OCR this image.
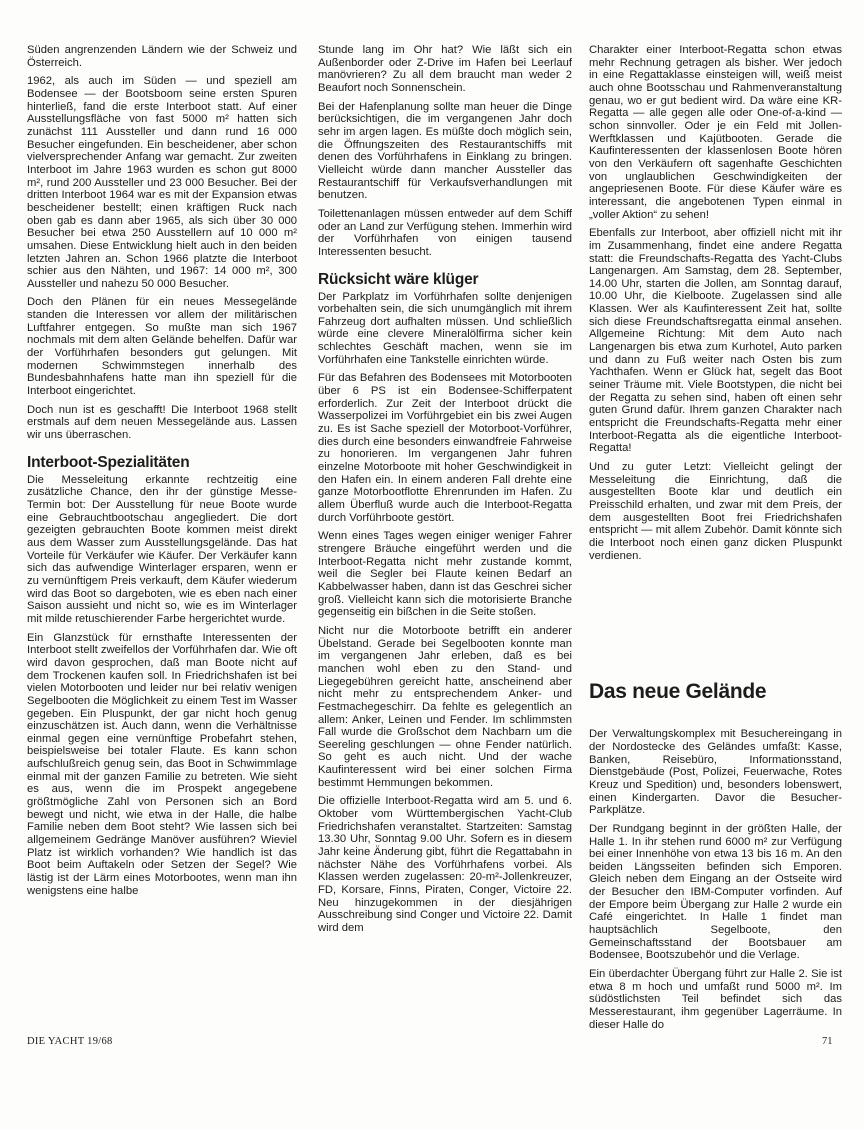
Süden angrenzenden Ländern wie der Schweiz und Österreich.

1962, als auch im Süden — und speziell am Bodensee — der Bootsboom seine ersten Spuren hinterließ, fand die erste Interboot statt. Auf einer Ausstellungsfläche von fast 5000 m² hatten sich zunächst 111 Aussteller und dann rund 16 000 Besucher eingefunden. Ein bescheidener, aber schon vielversprechender Anfang war gemacht. Zur zweiten Interboot im Jahre 1963 wurden es schon gut 8000 m², rund 200 Aussteller und 23 000 Besucher. Bei der dritten Interboot 1964 war es mit der Expansion etwas bescheidener bestellt; einen kräftigen Ruck nach oben gab es dann aber 1965, als sich über 30 000 Besucher bei etwa 250 Ausstellern auf 10 000 m² umsahen. Diese Entwicklung hielt auch in den beiden letzten Jahren an. Schon 1966 platzte die Interboot schier aus den Nähten, und 1967: 14 000 m², 300 Aussteller und nahezu 50 000 Besucher.

Doch den Plänen für ein neues Messegelände standen die Interessen vor allem der militärischen Luftfahrer entgegen. So mußte man sich 1967 nochmals mit dem alten Gelände behelfen. Dafür war der Vorführhafen besonders gut gelungen. Mit modernen Schwimmstegen innerhalb des Bundesbahnhafens hatte man ihn speziell für die Interboot eingerichtet.

Doch nun ist es geschafft! Die Interboot 1968 stellt erstmals auf dem neuen Messegelände aus. Lassen wir uns überraschen.

Interboot-Spezialitäten

Die Messeleitung erkannte rechtzeitig eine zusätzliche Chance, den ihr der günstige Messe-Termin bot: Der Ausstellung für neue Boote wurde eine Gebrauchtbootschau angegliedert. Die dort gezeigten gebrauchten Boote kommen meist direkt aus dem Wasser zum Ausstellungsgelände. Das hat Vorteile für Verkäufer wie Käufer. Der Verkäufer kann sich das aufwendige Winterlager ersparen, wenn er zu vernünftigem Preis verkauft, dem Käufer wiederum wird das Boot so dargeboten, wie es eben nach einer Saison aussieht und nicht so, wie es im Winterlager mit milde retuschierender Farbe hergerichtet wurde.

Ein Glanzstück für ernsthafte Interessenten der Interboot stellt zweifellos der Vorführhafen dar. Wie oft wird davon gesprochen, daß man Boote nicht auf dem Trockenen kaufen soll. In Friedrichshafen ist bei vielen Motorbooten und leider nur bei relativ wenigen Segelbooten die Möglichkeit zu einem Test im Wasser gegeben. Ein Pluspunkt, der gar nicht hoch genug einzuschätzen ist. Auch dann, wenn die Verhältnisse einmal gegen eine vernünftige Probefahrt stehen, beispielsweise bei totaler Flaute. Es kann schon aufschlußreich genug sein, das Boot in Schwimmlage einmal mit der ganzen Familie zu betreten. Wie sieht es aus, wenn die im Prospekt angegebene größtmögliche Zahl von Personen sich an Bord bewegt und nicht, wie etwa in der Halle, die halbe Familie neben dem Boot steht? Wie lassen sich bei allgemeinem Gedränge Manöver ausführen? Wieviel Platz ist wirklich vorhanden? Wie handlich ist das Boot beim Auftakeln oder Setzen der Segel? Wie lästig ist der Lärm eines Motorbootes, wenn man ihn wenigstens eine halbe

Stunde lang im Ohr hat? Wie läßt sich ein Außenborder oder Z-Drive im Hafen bei Leerlauf manövrieren? Zu all dem braucht man weder 2 Beaufort noch Sonnenschein.

Bei der Hafenplanung sollte man heuer die Dinge berücksichtigen, die im vergangenen Jahr doch sehr im argen lagen. Es müßte doch möglich sein, die Öffnungszeiten des Restaurantschiffs mit denen des Vorführhafens in Einklang zu bringen. Vielleicht würde dann mancher Aussteller das Restaurantschiff für Verkaufsverhandlungen mit benutzen.

Toilettenanlagen müssen entweder auf dem Schiff oder an Land zur Verfügung stehen. Immerhin wird der Vorführhafen von einigen tausend Interessenten besucht.

Rücksicht wäre klüger

Der Parkplatz im Vorführhafen sollte denjenigen vorbehalten sein, die sich unumgänglich mit ihrem Fahrzeug dort aufhalten müssen. Und schließlich würde eine clevere Mineralölfirma sicher kein schlechtes Geschäft machen, wenn sie im Vorführhafen eine Tankstelle einrichten würde.

Für das Befahren des Bodensees mit Motorbooten über 6 PS ist ein Bodensee-Schifferpatent erforderlich. Zur Zeit der Interboot drückt die Wasserpolizei im Vorführgebiet ein bis zwei Augen zu. Es ist Sache speziell der Motorboot-Vorführer, dies durch eine besonders einwandfreie Fahrweise zu honorieren. Im vergangenen Jahr fuhren einzelne Motorboote mit hoher Geschwindigkeit in den Hafen ein. In einem anderen Fall drehte eine ganze Motorbootflotte Ehrenrunden im Hafen. Zu allem Überfluß wurde auch die Interboot-Regatta durch Vorführboote gestört.

Wenn eines Tages wegen einiger weniger Fahrer strengere Bräuche eingeführt werden und die Interboot-Regatta nicht mehr zustande kommt, weil die Segler bei Flaute keinen Bedarf an Kabbelwasser haben, dann ist das Geschrei sicher groß. Vielleicht kann sich die motorisierte Branche gegenseitig ein bißchen in die Seite stoßen.

Nicht nur die Motorboote betrifft ein anderer Übelstand. Gerade bei Segelbooten konnte man im vergangenen Jahr erleben, daß es bei manchen wohl eben zu den Stand- und Liegegebühren gereicht hatte, anscheinend aber nicht mehr zu entsprechendem Anker- und Festmachegeschirr. Da fehlte es gelegentlich an allem: Anker, Leinen und Fender. Im schlimmsten Fall wurde die Großschot dem Nachbarn um die Seereling geschlungen — ohne Fender natürlich. So geht es auch nicht. Und der wache Kaufinteressent wird bei einer solchen Firma bestimmt Hemmungen bekommen.

Die offizielle Interboot-Regatta wird am 5. und 6. Oktober vom Württembergischen Yacht-Club Friedrichshafen veranstaltet. Startzeiten: Samstag 13.30 Uhr, Sonntag 9.00 Uhr. Sofern es in diesem Jahr keine Änderung gibt, führt die Regattabahn in nächster Nähe des Vorführhafens vorbei. Als Klassen werden zugelassen: 20-m²-Jollenkreuzer, FD, Korsare, Finns, Piraten, Conger, Victoire 22. Neu hinzugekommen in der diesjährigen Ausschreibung sind Conger und Victoire 22. Damit wird dem

Charakter einer Interboot-Regatta schon etwas mehr Rechnung getragen als bisher. Wer jedoch in eine Regattaklasse einsteigen will, weiß meist auch ohne Bootsschau und Rahmenveranstaltung genau, wo er gut bedient wird. Da wäre eine KR-Regatta — alle gegen alle oder One-of-a-kind — schon sinnvoller. Oder je ein Feld mit Jollen-Werftklassen und Kajütbooten. Gerade die Kaufinteressenten der klassenlosen Boote hören von den Verkäufern oft sagenhafte Geschichten von unglaublichen Geschwindigkeiten der angepriesenen Boote. Für diese Käufer wäre es interessant, die angebotenen Typen einmal in „voller Aktion“ zu sehen!

Ebenfalls zur Interboot, aber offiziell nicht mit ihr im Zusammenhang, findet eine andere Regatta statt: die Freundschafts-Regatta des Yacht-Clubs Langenargen. Am Samstag, dem 28. September, 14.00 Uhr, starten die Jollen, am Sonntag darauf, 10.00 Uhr, die Kielboote. Zugelassen sind alle Klassen. Wer als Kaufinteressent Zeit hat, sollte sich diese Freundschaftsregatta einmal ansehen. Allgemeine Richtung: Mit dem Auto nach Langenargen bis etwa zum Kurhotel, Auto parken und dann zu Fuß weiter nach Osten bis zum Yachthafen. Wenn er Glück hat, segelt das Boot seiner Träume mit. Viele Bootstypen, die nicht bei der Regatta zu sehen sind, haben oft einen sehr guten Grund dafür. Ihrem ganzen Charakter nach entspricht die Freundschafts-Regatta mehr einer Interboot-Regatta als die eigentliche Interboot-Regatta!

Und zu guter Letzt: Vielleicht gelingt der Messeleitung die Einrichtung, daß die ausgestellten Boote klar und deutlich ein Preisschild erhalten, und zwar mit dem Preis, der dem ausgestellten Boot frei Friedrichshafen entspricht — mit allem Zubehör. Damit könnte sich die Interboot noch einen ganz dicken Pluspunkt verdienen.

Das neue Gelände

Der Verwaltungskomplex mit Besuchereingang in der Nordostecke des Geländes umfaßt: Kasse, Banken, Reisebüro, Informationsstand, Dienstgebäude (Post, Polizei, Feuerwache, Rotes Kreuz und Spedition) und, besonders lobenswert, einen Kindergarten. Davor die Besucher-Parkplätze.

Der Rundgang beginnt in der größten Halle, der Halle 1. In ihr stehen rund 6000 m² zur Verfügung bei einer Innenhöhe von etwa 13 bis 16 m. An den beiden Längsseiten befinden sich Emporen. Gleich neben dem Eingang an der Ostseite wird der Besucher den IBM-Computer vorfinden. Auf der Empore beim Übergang zur Halle 2 wurde ein Café eingerichtet. In Halle 1 findet man hauptsächlich Segelboote, den Gemeinschaftsstand der Bootsbauer am Bodensee, Bootszubehör und die Verlage.

Ein überdachter Übergang führt zur Halle 2. Sie ist etwa 8 m hoch und umfaßt rund 5000 m². Im südöstlichsten Teil befindet sich das Messerestaurant, ihm gegenüber Lagerräume. In dieser Halle do

DIE YACHT 19/68	71
